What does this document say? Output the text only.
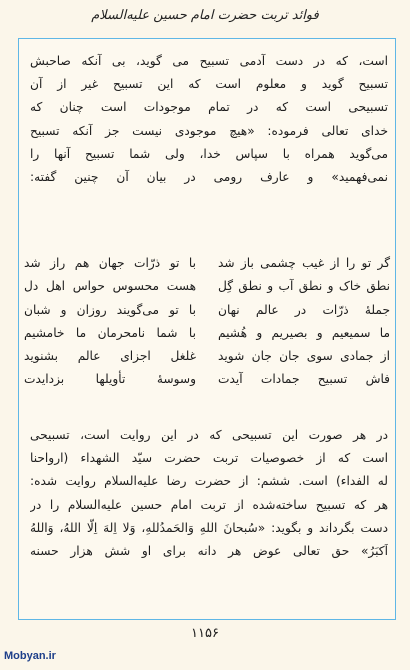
فوائد تربت حضرت امام حسین علیه‌السلام
است، که در دست آدمی تسبیح می گوید، بی آنکه صاحبش
تسبیح گوید و معلوم است که این تسبیح غیر از آن
تسبیحی است که در تمام موجودات است چنان که
خدای تعالی فرموده: «هیچ موجودی نیست جز آنکه تسبیح
می‌گوید همراه با سپاس خدا، ولی شما تسبیح آنها را
نمی‌فهمید» و عارف رومی در بیان آن چنین گفته:
گر تو را از غیب چشمی باز شد
با تو ذرّات جهان هم راز شد
نطق خاک و نطق آب و نطق گِل
هست محسوس حواس اهل دل
جملهٔ ذرّات در عالم نهان
با تو می‌گویند روزان و شبان
ما سمیعیم و بصیریم و هُشیم
با شما نامحرمان ما خامشیم
از جمادی سوی جان جان شوید
غلغل اجزای عالم بشنوید
فاش تسبیح جمادات آیدت
وسوسهٔ تأویلها بزدایدت
در هر صورت این تسبیحی که در این روایت است، تسبیحی
است که از خصوصیات تربت حضرت سیّد الشهداء (ارواحنا
له الفداء) است. ششم: از حضرت رضا علیه‌السلام روایت شده:
هر که تسبیح ساخته‌شده از تربت امام حسین علیه‌السلام را در
دست بگرداند و بگوید: «سُبحانَ اللهِ وَالحَمدُللهِ، وَلا اِلهَ اِلّا اللهُ، وَاللهُ
اَکبَرُ» حق تعالی عوض هر دانه برای او شش هزار حسنه
۱۱۵۶
Mobyan.ir
